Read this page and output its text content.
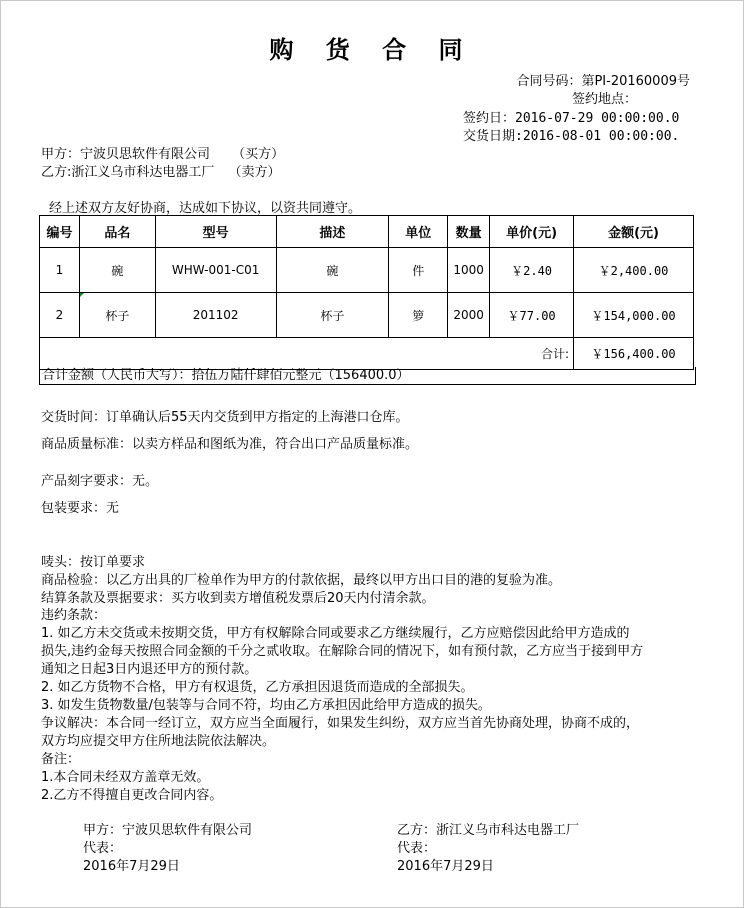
购 货 合 同
合同号码：第PI-20160009号
签约地点：
签约日：2016-07-29 00:00:00.0
交货日期:2016-08-01 00:00:00.
甲方：宁波贝思软件有限公司 （买方）
乙方:浙江义乌市科达电器工厂 （卖方）
经上述双方友好协商，达成如下协议，以资共同遵守。
编号	品名	型号	描述	单位	数量	单价(元)	金额(元)
1	碗	WHW-001-C01	碗	件	1000	￥2.40	￥2,400.00
2	杯子	201102	杯子	箩	2000	￥77.00	￥154,000.00
合计:							￥156,400.00
合计金额（人民币大写）：拾伍万陆仟肆佰元整元（156400.0）
交货时间：订单确认后55天内交货到甲方指定的上海港口仓库。
商品质量标准：以卖方样品和图纸为准，符合出口产品质量标准。
产品刻字要求：无。
包装要求：无
唛头：按订单要求
商品检验：以乙方出具的厂检单作为甲方的付款依据，最终以甲方出口目的港的复验为准。
结算条款及票据要求：买方收到卖方增值税发票后20天内付清余款。
违约条款：
1. 如乙方未交货或未按期交货，甲方有权解除合同或要求乙方继续履行，乙方应赔偿因此给甲方造成的
损失,违约金每天按照合同金额的千分之贰收取。在解除合同的情况下，如有预付款，乙方应当于接到甲方
通知之日起3日内退还甲方的预付款。
2. 如乙方货物不合格，甲方有权退货，乙方承担因退货而造成的全部损失。
3. 如发生货物数量/包装等与合同不符，均由乙方承担因此给甲方造成的损失。
争议解决：本合同一经订立，双方应当全面履行，如果发生纠纷，双方应当首先协商处理，协商不成的，
双方均应提交甲方住所地法院依法解决。
备注：
1.本合同未经双方盖章无效。
2.乙方不得擅自更改合同内容。
甲方：宁波贝思软件有限公司
代表：
2016年7月29日
乙方：浙江义乌市科达电器工厂
代表：
2016年7月29日
